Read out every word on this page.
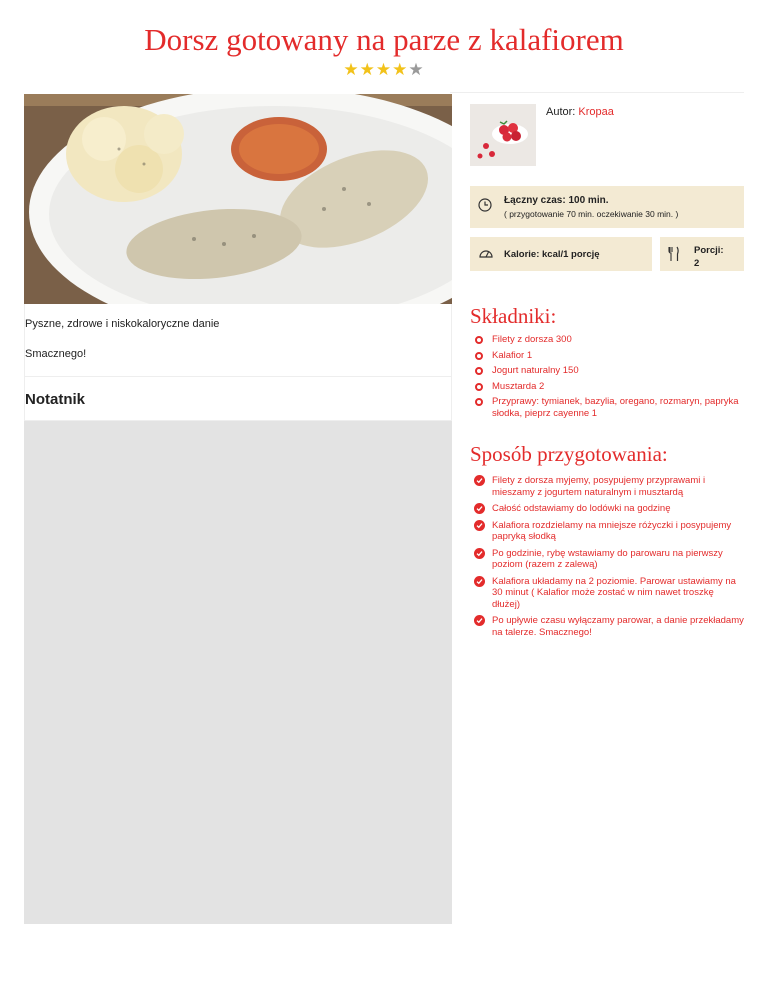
Dorsz gotowany na parze z kalafiorem
★★★★★

Pyszne, zdrowe i niskokaloryczne danie

Smacznego!

Notatnik
Autor: Kropaa
Łączny czas: 100 min.
( przygotowanie 70 min. oczekiwanie 30 min. )
Kalorie: kcal/1 porcję	Porcji:
2
Składniki:
Filety z dorsza 300
Kalafior 1
Jogurt naturalny 150
Musztarda 2
Przyprawy: tymianek, bazylia, oregano, rozmaryn, papryka słodka, pieprz cayenne 1
Sposób przygotowania:
Filety z dorsza myjemy, posypujemy przyprawami i mieszamy z jogurtem naturalnym i musztardą
Całość odstawiamy do lodówki na godzinę
Kalafiora rozdzielamy na mniejsze różyczki i posypujemy papryką słodką
Po godzinie, rybę wstawiamy do parowaru na pierwszy poziom (razem z zalewą)
Kalafiora układamy na 2 poziomie. Parowar ustawiamy na 30 minut ( Kalafior może zostać w nim nawet troszkę dłużej)
Po upływie czasu wyłączamy parowar, a danie przekładamy na talerze. Smacznego!
